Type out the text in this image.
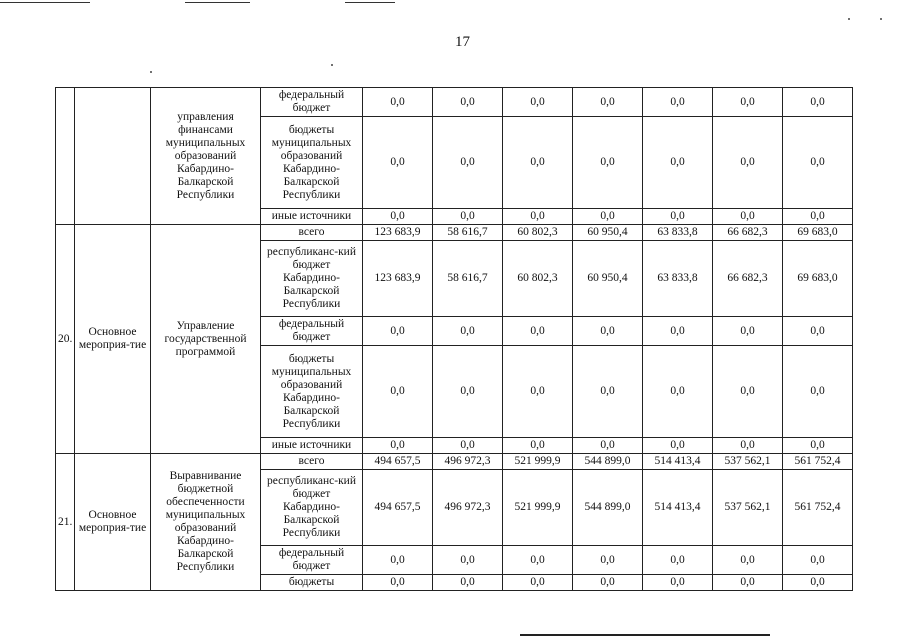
17
		управления финансами муниципальных образований Кабардино-Балкарской Республики	федеральный бюджет	0,0	0,0	0,0	0,0	0,0	0,0	0,0
			бюджеты муниципальных образований Кабардино-Балкарской Республики	0,0	0,0	0,0	0,0	0,0	0,0	0,0
			иные источники	0,0	0,0	0,0	0,0	0,0	0,0	0,0
20.	Основное мероприя-тие	Управление государственной программой	всего	123 683,9	58 616,7	60 802,3	60 950,4	63 833,8	66 682,3	69 683,0
			республиканс-кий бюджет Кабардино-Балкарской Республики	123 683,9	58 616,7	60 802,3	60 950,4	63 833,8	66 682,3	69 683,0
			федеральный бюджет	0,0	0,0	0,0	0,0	0,0	0,0	0,0
			бюджеты муниципальных образований Кабардино-Балкарской Республики	0,0	0,0	0,0	0,0	0,0	0,0	0,0
			иные источники	0,0	0,0	0,0	0,0	0,0	0,0	0,0
21.	Основное мероприя-тие	Выравнивание бюджетной обеспеченности муниципальных образований Кабардино-Балкарской Республики	всего	494 657,5	496 972,3	521 999,9	544 899,0	514 413,4	537 562,1	561 752,4
			республиканс-кий бюджет Кабардино-Балкарской Республики	494 657,5	496 972,3	521 999,9	544 899,0	514 413,4	537 562,1	561 752,4
			федеральный бюджет	0,0	0,0	0,0	0,0	0,0	0,0	0,0
			бюджеты	0,0	0,0	0,0	0,0	0,0	0,0	0,0
